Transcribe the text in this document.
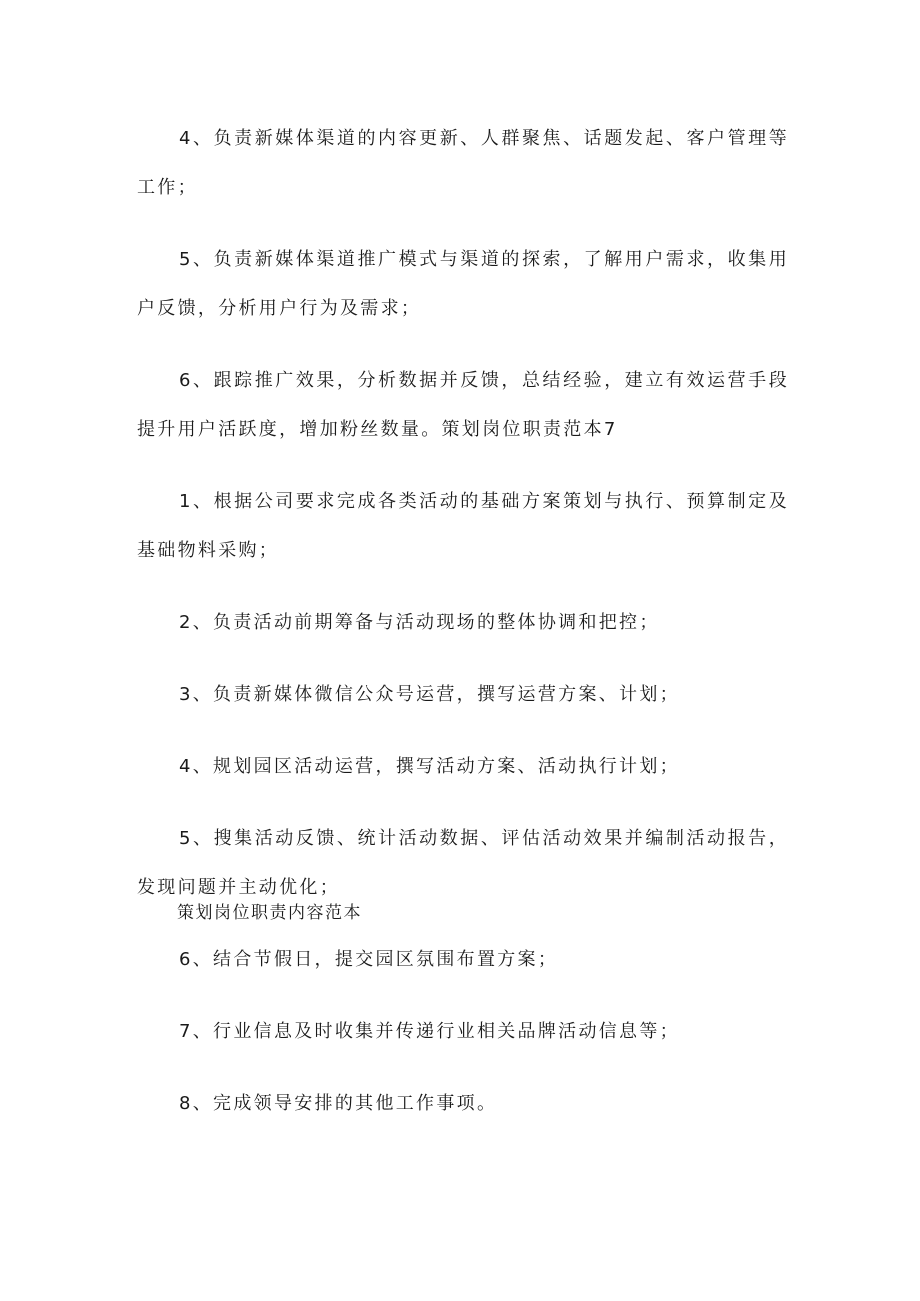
4、负责新媒体渠道的内容更新、人群聚焦、话题发起、客户管理等工作；

5、负责新媒体渠道推广模式与渠道的探索，了解用户需求，收集用户反馈，分析用户行为及需求；

6、跟踪推广效果，分析数据并反馈，总结经验，建立有效运营手段提升用户活跃度，增加粉丝数量。策划岗位职责范本7

1、根据公司要求完成各类活动的基础方案策划与执行、预算制定及基础物料采购；

2、负责活动前期筹备与活动现场的整体协调和把控；

3、负责新媒体微信公众号运营，撰写运营方案、计划；

4、规划园区活动运营，撰写活动方案、活动执行计划；

5、搜集活动反馈、统计活动数据、评估活动效果并编制活动报告，发现问题并主动优化；

6、结合节假日，提交园区氛围布置方案；

7、行业信息及时收集并传递行业相关品牌活动信息等；

8、完成领导安排的其他工作事项。

策划岗位职责内容范本
